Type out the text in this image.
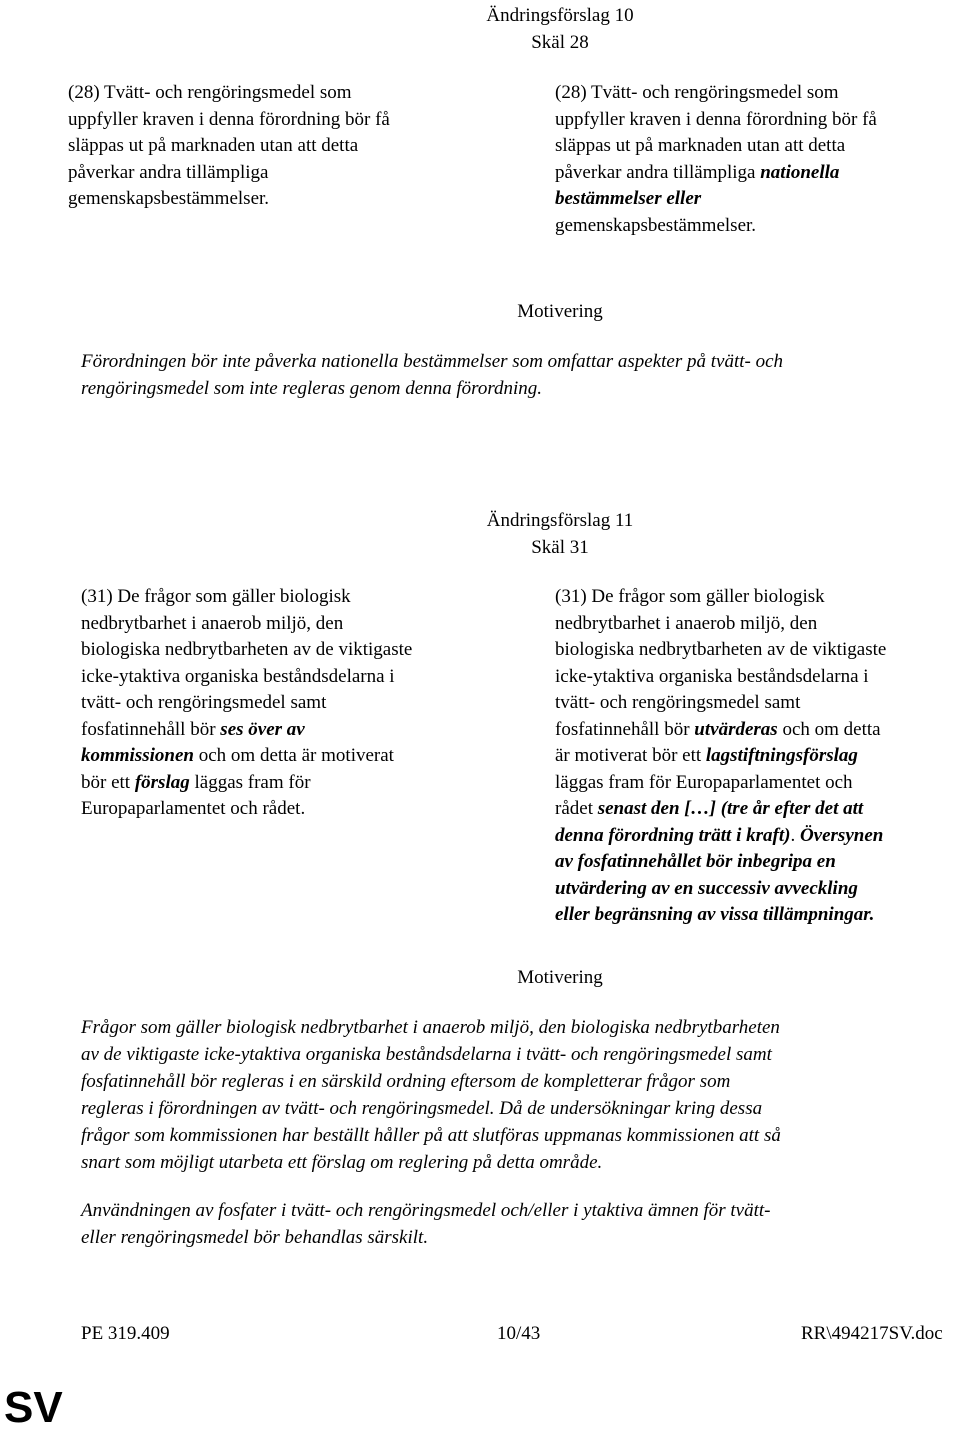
Ändringsförslag 10
Skäl 28
(28) Tvätt- och rengöringsmedel som
uppfyller kraven i denna förordning bör få
släppas ut på marknaden utan att detta
påverkar andra tillämpliga
gemenskapsbestämmelser.
(28) Tvätt- och rengöringsmedel som
uppfyller kraven i denna förordning bör få
släppas ut på marknaden utan att detta
påverkar andra tillämpliga nationella
bestämmelser eller
gemenskapsbestämmelser.
Motivering
Förordningen bör inte påverka nationella bestämmelser som omfattar aspekter på tvätt- och
rengöringsmedel som inte regleras genom denna förordning.
Ändringsförslag 11
Skäl 31
(31) De frågor som gäller biologisk
nedbrytbarhet i anaerob miljö, den
biologiska nedbrytbarheten av de viktigaste
icke-ytaktiva organiska beståndsdelarna i
tvätt- och rengöringsmedel samt
fosfatinnehåll bör ses över av
kommissionen och om detta är motiverat
bör ett förslag läggas fram för
Europaparlamentet och rådet.
(31) De frågor som gäller biologisk
nedbrytbarhet i anaerob miljö, den
biologiska nedbrytbarheten av de viktigaste
icke-ytaktiva organiska beståndsdelarna i
tvätt- och rengöringsmedel samt
fosfatinnehåll bör utvärderas och om detta
är motiverat bör ett lagstiftningsförslag
läggas fram för Europaparlamentet och
rådet senast den […] (tre år efter det att
denna förordning trätt i kraft). Översynen
av fosfatinnehållet bör inbegripa en
utvärdering av en successiv avveckling
eller begränsning av vissa tillämpningar.
Motivering
Frågor som gäller biologisk nedbrytbarhet i anaerob miljö, den biologiska nedbrytbarheten
av de viktigaste icke-ytaktiva organiska beståndsdelarna i tvätt- och rengöringsmedel samt
fosfatinnehåll bör regleras i en särskild ordning eftersom de kompletterar frågor som
regleras i förordningen av tvätt- och rengöringsmedel. Då de undersökningar kring dessa
frågor som kommissionen har beställt håller på att slutföras uppmanas kommissionen att så
snart som möjligt utarbeta ett förslag om reglering på detta område.
Användningen av fosfater i tvätt- och rengöringsmedel och/eller i ytaktiva ämnen för tvätt-
eller rengöringsmedel bör behandlas särskilt.
PE 319.409	10/43	RR\494217SV.doc
SV
